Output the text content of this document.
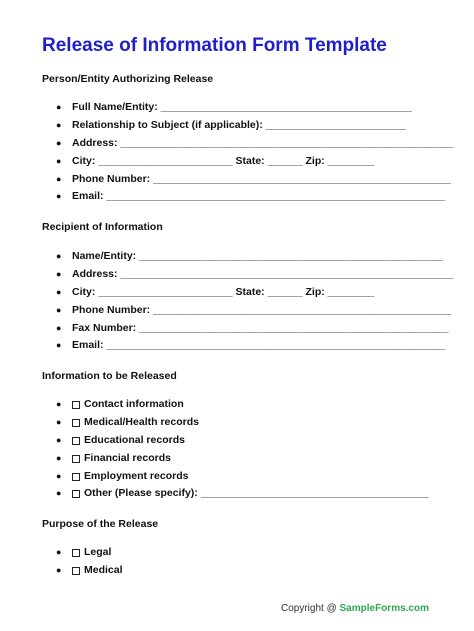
Release of Information Form Template
Person/Entity Authorizing Release
●	Full Name/Entity: ___________________________________________
●	Relationship to Subject (if applicable): ________________________
●	Address: _________________________________________________________
●	City: _______________________ State: ______ Zip: ________
●	Phone Number: ___________________________________________________
●	Email: __________________________________________________________
Recipient of Information
●	Name/Entity: ____________________________________________________
●	Address: _________________________________________________________
●	City: _______________________ State: ______ Zip: ________
●	Phone Number: ___________________________________________________
●	Fax Number: _____________________________________________________
●	Email: __________________________________________________________
Information to be Released
●	Contact information
●	Medical/Health records
●	Educational records
●	Financial records
●	Employment records
●	Other (Please specify): _______________________________________
Purpose of the Release
●	Legal
●	Medical
Copyright @ SampleForms.com
